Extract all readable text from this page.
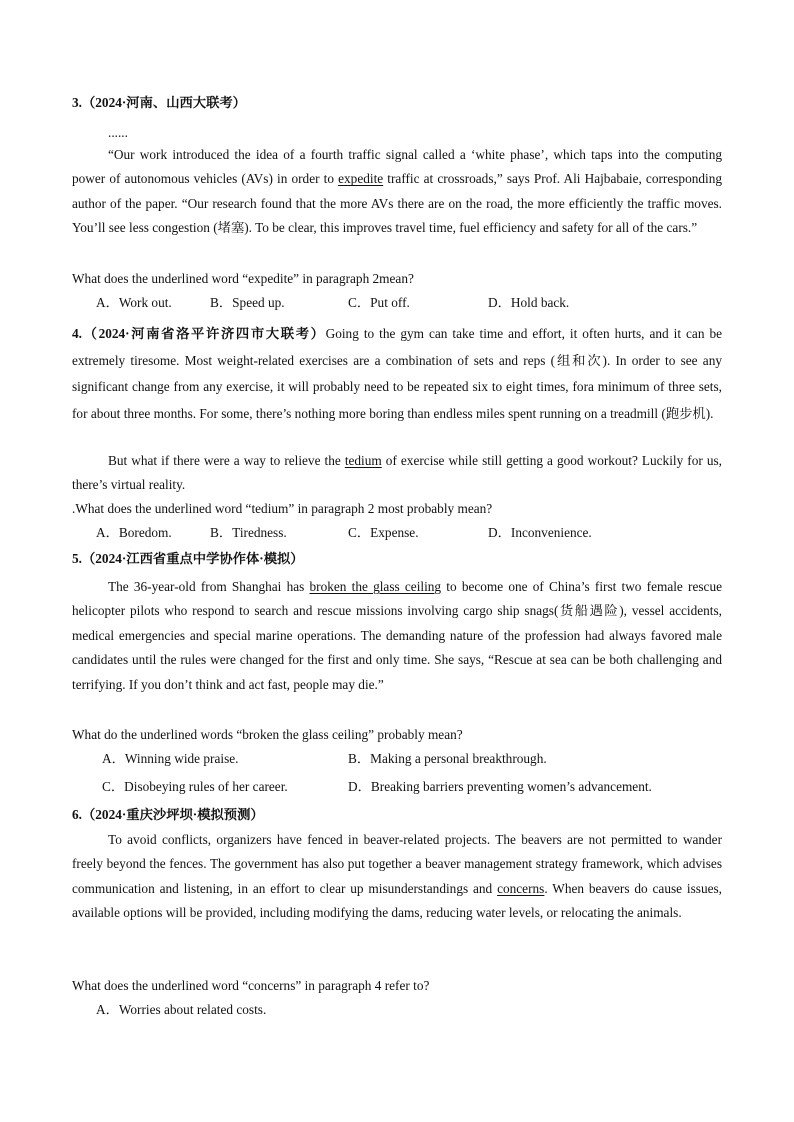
3.（2024·河南、山西大联考）
......
“Our work introduced the idea of a fourth traffic signal called a ‘white phase’, which taps into the computing power of autonomous vehicles (AVs) in order to expedite traffic at crossroads,” says Prof. Ali Hajbabaie, corresponding author of the paper. “Our research found that the more AVs there are on the road, the more efficiently the traffic moves. You’ll see less congestion (堵塞). To be clear, this improves travel time, fuel efficiency and safety for all of the cars.”
What does the underlined word “expedite” in paragraph 2mean?
A．Work out.	B．Speed up.	C．Put off.	D．Hold back.
4.（2024·河南省洛平许济四市大联考）Going to the gym can take time and effort, it often hurts, and it can be extremely tiresome. Most weight-related exercises are a combination of sets and reps (组和次). In order to see any significant change from any exercise, it will probably need to be repeated six to eight times, fora minimum of three sets, for about three months. For some, there’s nothing more boring than endless miles spent running on a treadmill (跑步机).
But what if there were a way to relieve the tedium of exercise while still getting a good workout? Luckily for us, there’s virtual reality.
.What does the underlined word “tedium” in paragraph 2 most probably mean?
A．Boredom.	B．Tiredness.	C．Expense.	D．Inconvenience.
5.（2024·江西省重点中学协作体·模拟）
The 36-year-old from Shanghai has broken the glass ceiling to become one of China’s first two female rescue helicopter pilots who respond to search and rescue missions involving cargo ship snags(货船遇险), vessel accidents, medical emergencies and special marine operations. The demanding nature of the profession had always favored male candidates until the rules were changed for the first and only time. She says, “Rescue at sea can be both challenging and terrifying. If you don’t think and act fast, people may die.”
What do the underlined words “broken the glass ceiling” probably mean?
A．Winning wide praise.	B．Making a personal breakthrough.
C．Disobeying rules of her career.	D．Breaking barriers preventing women’s advancement.
6.（2024·重庆沙坪坝·模拟预测）
To avoid conflicts, organizers have fenced in beaver-related projects. The beavers are not permitted to wander freely beyond the fences. The government has also put together a beaver management strategy framework, which advises communication and listening, in an effort to clear up misunderstandings and concerns. When beavers do cause issues, available options will be provided, including modifying the dams, reducing water levels, or relocating the animals.
What does the underlined word “concerns” in paragraph 4 refer to?
A．Worries about related costs.
